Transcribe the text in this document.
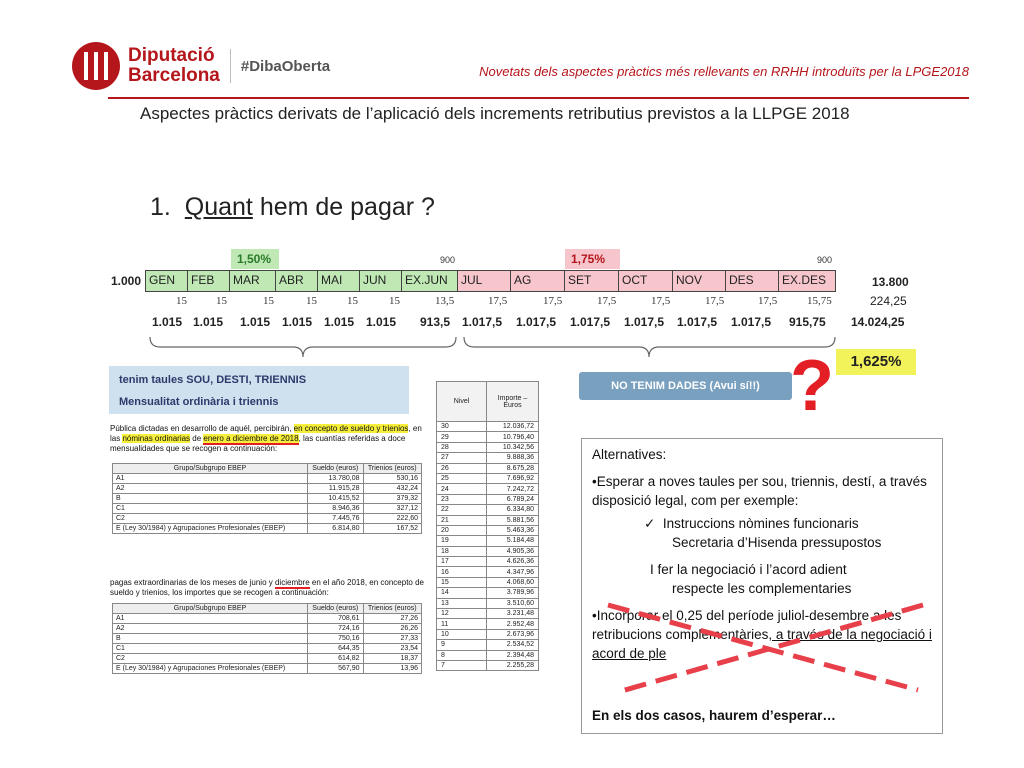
Diputació
Barcelona #DibaOberta	Novetats dels aspectes pràctics més rellevants en RRHH introduïts per la LPGE2018
Aspectes pràctics derivats de l’aplicació dels increments retributius previstos a la LLPGE 2018
1. Quant hem de pagar ?
1,50%	1,75%
900	900
1.000 GEN	FEB	MAR	ABR	MAI	JUN	EX.JUN	JUL	AG	SET	OCT	NOV	DES	EX.DES	13.800
15	15	15	15	15	15	13,5	17,5	17,5	17,5	17,5	17,5	17,5	15,75	224,25
1.015 1.015 1.015 1.015 1.015 1.015 913,5 1.017,5 1.017,5 1.017,5 1.017,5 1.017,5 1.017,5 915,75 14.024,25
tenim taules SOU, DESTI, TRIENNIS
Mensualitat ordinària i triennis
NO TENIM DADES (Avui sí!!) ?	1,625%
Pública dictadas en desarrollo de aquél, percibirán, en concepto de sueldo y trienios, en las nóminas ordinarias de enero a diciembre de 2018, las cuantías referidas a doce mensualidades que se recogen a continuación:
Grupo/Subgrupo EBEP	Sueldo (euros)	Trienios (euros)
A1	13.780,08	530,16
A2	11.915,28	432,24
B	10.415,52	379,32
C1	8.946,36	327,12
C2	7.445,76	222,60
E (Ley 30/1984) y Agrupaciones Profesionales (EBEP)	6.814,80	167,52
pagas extraordinarias de los meses de junio y diciembre en el año 2018, en concepto de sueldo y trienios, los importes que se recogen a continuación:
Grupo/Subgrupo EBEP	Sueldo (euros)	Trienios (euros)
A1	708,61	27,26
A2	724,16	26,26
B	750,16	27,33
C1	644,35	23,54
C2	614,82	18,37
E (Ley 30/1984) y Agrupaciones Profesionales (EBEP)	567,90	13,96
Nivel	Importe – Euros
30	12.036,72
29	10.796,40
28	10.342,56
27	9.888,36
26	8.675,28
25	7.696,92
24	7.242,72
23	6.789,24
22	6.334,80
21	5.881,56
20	5.463,36
19	5.184,48
18	4.905,36
17	4.626,36
16	4.347,96
15	4.068,60
14	3.789,96
13	3.510,60
12	3.231,48
11	2.952,48
10	2.673,96
9	2.534,52
8	2.394,48
7	2.255,28

Alternatives:

•Esperar a noves taules per sou, triennis, destí, a través disposició legal, com per exemple:

✓  Instruccions nòmines funcionaris

Secretaria d’Hisenda pressupostos

I fer la negociació i l’acord adient

respecte les complementaries

•Incorporar el 0,25 del període juliol-desembre a les retribucions complementàries, a través de la negociació i acord de ple

En els dos casos, haurem d’esperar…
